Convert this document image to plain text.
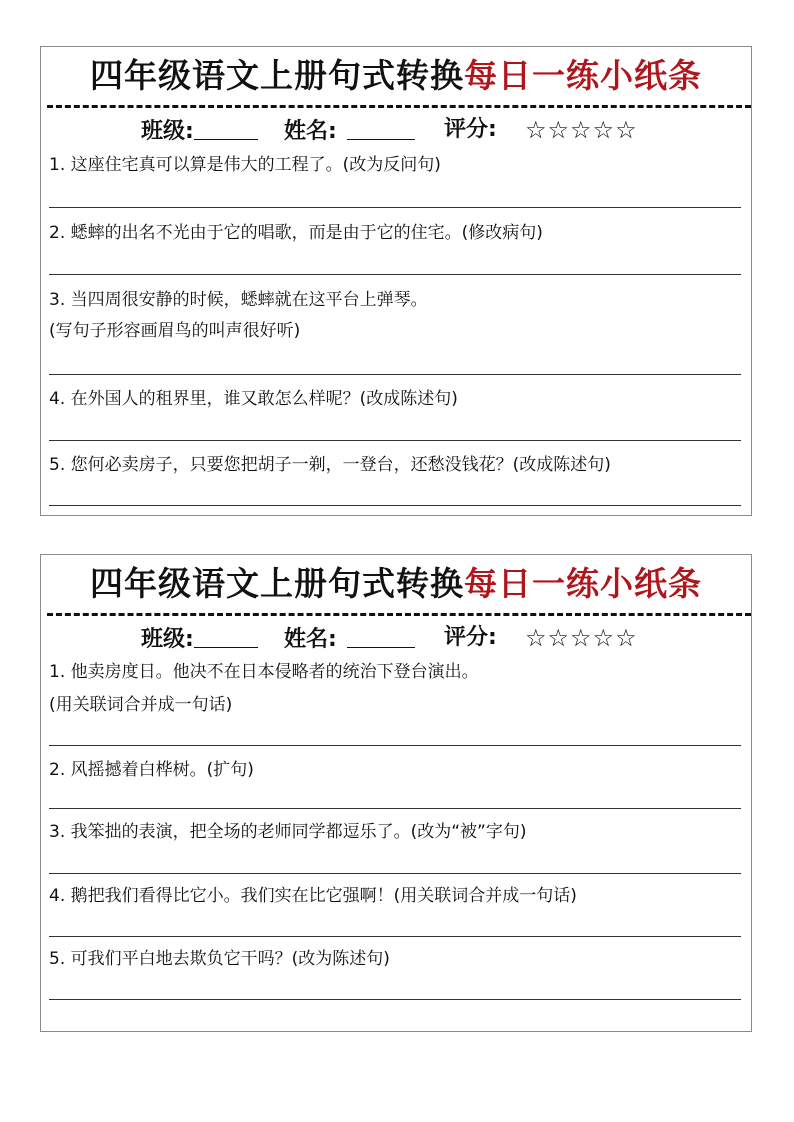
四年级语文上册句式转换每日一练小纸条
班级:	姓名:	评分: ☆☆☆☆☆
1. 这座住宅真可以算是伟大的工程了。(改为反问句)
2. 蟋蟀的出名不光由于它的唱歌，而是由于它的住宅。(修改病句)
3. 当四周很安静的时候，蟋蟀就在这平台上弹琴。
(写句子形容画眉鸟的叫声很好听)
4. 在外国人的租界里，谁又敢怎么样呢？(改成陈述句)
5. 您何必卖房子，只要您把胡子一剃，一登台，还愁没钱花？(改成陈述句)
四年级语文上册句式转换每日一练小纸条
班级:	姓名:	评分: ☆☆☆☆☆
1. 他卖房度日。他决不在日本侵略者的统治下登台演出。
(用关联词合并成一句话)
2. 风摇撼着白桦树。(扩句)
3. 我笨拙的表演，把全场的老师同学都逗乐了。(改为“被”字句)
4. 鹅把我们看得比它小。我们实在比它强啊！(用关联词合并成一句话)
5. 可我们平白地去欺负它干吗？(改为陈述句)
